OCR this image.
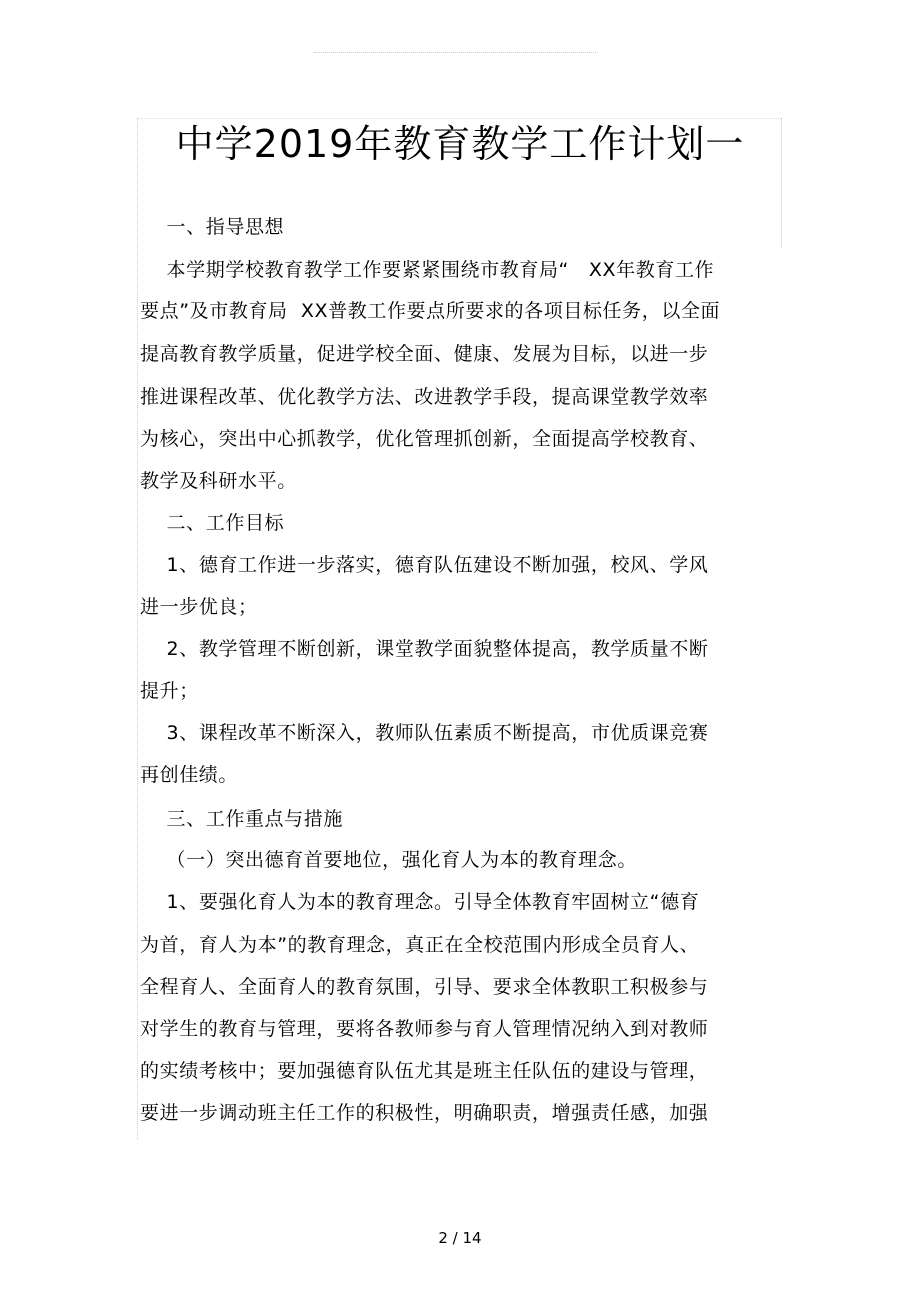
中学2019年教育教学工作计划一
一、指导思想
本学期学校教育教学工作要紧紧围绕市教育局“   XX年教育工作
要点”及市教育局  XX普教工作要点所要求的各项目标任务，以全面
提高教育教学质量，促进学校全面、健康、发展为目标，以进一步
推进课程改革、优化教学方法、改进教学手段，提高课堂教学效率
为核心，突出中心抓教学，优化管理抓创新，全面提高学校教育、
教学及科研水平。
二、工作目标
1、德育工作进一步落实，德育队伍建设不断加强，校风、学风
进一步优良；
2、教学管理不断创新，课堂教学面貌整体提高，教学质量不断
提升；
3、课程改革不断深入，教师队伍素质不断提高，市优质课竞赛
再创佳绩。
三、工作重点与措施
（一）突出德育首要地位，强化育人为本的教育理念。
1、要强化育人为本的教育理念。引导全体教育牢固树立“德育
为首，育人为本”的教育理念，真正在全校范围内形成全员育人、
全程育人、全面育人的教育氛围，引导、要求全体教职工积极参与
对学生的教育与管理，要将各教师参与育人管理情况纳入到对教师
的实绩考核中；要加强德育队伍尤其是班主任队伍的建设与管理，
要进一步调动班主任工作的积极性，明确职责，增强责任感，加强
2 / 14
